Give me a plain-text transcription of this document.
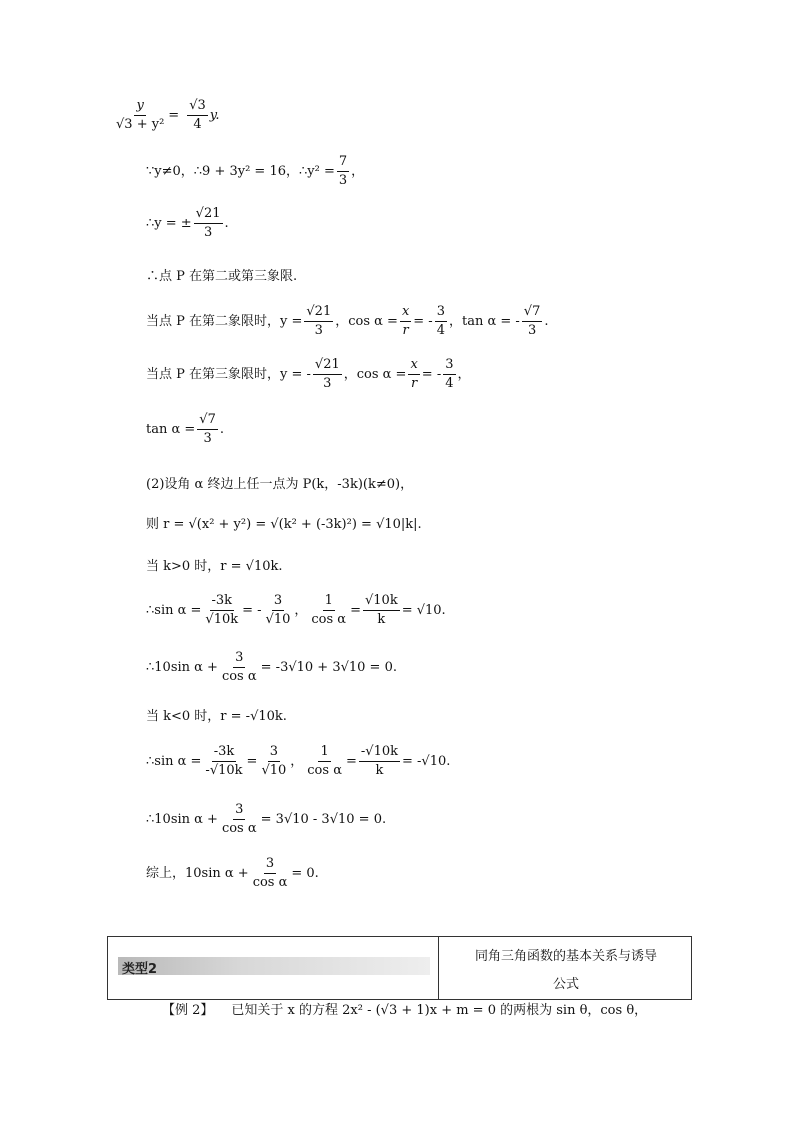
$\frac{y}{\text{√3 + y²}} = \frac{√3}{4} y$.
∵y≠0，∴9 + 3y² = 16，∴y² = $\frac{7}{3}$ ，
∴y = ± $\frac{√21}{3}$ .
∴点 P 在第二或第三象限.
当点 P 在第二象限时，$y = \frac{√21}{3}$ ，$\cos \alpha = \frac{x}{r}$ = - $\frac{3}{4}$ ，tan α = - $\frac{√7}{3}$ .
当点 P 在第三象限时，y = - $\frac{√21}{3}$ ，$\cos \alpha = \frac{x}{r}$ = - $\frac{3}{4}$ ，
$\tan \alpha = \frac{√7}{3}$ .
(2)设角 α 终边上任一点为 P(k，-3k)(k≠0)，
则 r = √(x² + y²) = √(k² + (-3k)²) = √10|k|.
当 k>0 时，r = √10k.
∴sin $\alpha = \frac{-3k}{√10k}$ = - $\frac{3}{√10}$ ， $\frac{1}{\text{cos α}} = \frac{√10k}{k} = √10$.
∴10sin $\alpha + \frac{3}{\text{cos α}} = -3√10 + 3√10 = 0$.
当 k<0 时，r = -√10k.
∴sin $\alpha = \frac{-3k}{-√10k} = \frac{3}{√10}$ ， $\frac{1}{\text{cos α}} = \frac{-√10k}{k} = -√10$.
∴10sin $\alpha + \frac{3}{\text{cos α}} = 3√10 - 3√10 = 0$.
综上，10sin $\alpha + \frac{3}{\text{cos α}} = 0$.
类型2
同角三角函数的基本关系与诱导
公式
【例 2】 已知关于 x 的方程 2x² - (√3 + 1)x + m = 0 的两根为 sin θ，cos θ，
